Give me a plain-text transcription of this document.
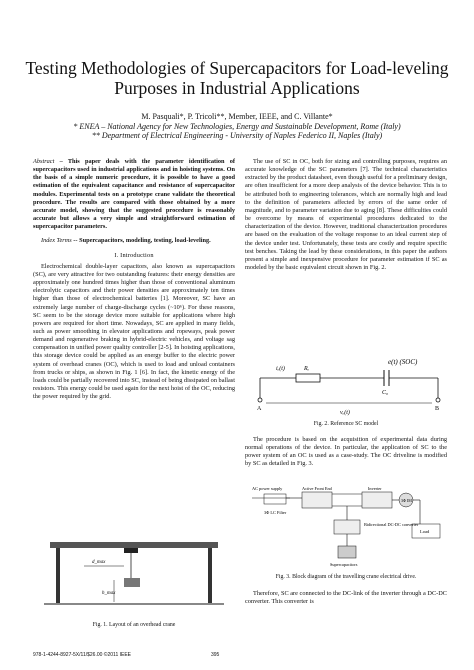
Testing Methodologies of Supercapacitors for Load-leveling Purposes in Industrial Applications
M. Pasquali*, P. Tricoli**, Member, IEEE, and C. Villante*
* ENEA – National Agency for New Technologies, Energy and Sustainable Development, Rome (Italy)
** Department of Electrical Engineering - University of Naples Federico II, Naples (Italy)

Abstract – This paper deals with the parameter identification of supercapacitors used in industrial applications and in hoisting systems. On the basis of a simple numeric procedure, it is possible to have a good estimation of the equivalent capacitance and resistance of supercapacitor modules. Experimental tests on a prototype crane validate the theoretical procedure. The results are compared with those obtained by a more accurate model, showing that the suggested procedure is reasonably accurate but allows a very simple and straightforward estimation of supercapacitor parameters.

Index Terms -- Supercapacitors, modeling, testing, load-leveling.

I. Introduction

Electrochemical double-layer capacitors, also known as supercapacitors (SC), are very attractive for two outstanding features: their energy densities are approximately one hundred times higher than those of conventional aluminum electrolytic capacitors and their power densities are approximately ten times higher than those of electrochemical batteries [1]. Moreover, SC have an extremely large number of charge-discharge cycles (~10⁶). For these reasons, SC seem to be the storage device more suitable for applications where high powers are required for short time. Nowadays, SC are applied in many fields, such as power smoothing in elevator applications and ropeways, peak power demand and regenerative braking in hybrid-electric vehicles, and voltage sag compensation in unified power quality controller [2-5]. In hoisting applications, this storage device could be applied as an energy buffer to the electric power system of overhead cranes (OC), which is used to load and unload containers from trucks or ships, as shown in Fig. 1 [6]. In fact, the kinetic energy of the loads could be partially recovered into SC, instead of being dissipated on ballast resistors. This energy could be used again for the next hoist of the OC, reducing the power required by the grid.

d_max
h_max
Fig. 1. Layout of an overhead crane

The use of SC in OC, both for sizing and controlling purposes, requires an accurate knowledge of the SC parameters [7]. The technical characteristics extracted by the product datasheet, even though useful for a preliminary design, are often insufficient for a more deep analysis of the device behavior. This is to be attributed both to engineering tolerances, which are normally high and lead to the definition of parameters affected by errors of the same order of magnitude, and to parameter variation due to aging [8]. These difficulties could be overcome by means of experimental procedures dedicated to the characterization of the device. However, traditional characterization procedures are based on the evaluation of the voltage response to an ideal current step of the device under test. Unfortunately, these tests are costly and require specific test benches. Taking the lead by these considerations, in this paper the authors present a simple and inexpensive procedure for parameter estimation if SC as modeled by the basic equivalent circuit shown in Fig. 2.

e(t) (SOC)
iₑ(t)	Rₑ
C₀
A	B
vₑ(t)
Fig. 2. Reference SC model

The procedure is based on the acquisition of experimental data during normal operations of the device. In particular, the application of SC to the power system of an OC is used as a case-study. The OC driveline is modified by SC as detailed in Fig. 3.

AC power supply
3Φ LC Filter
Active Front End	Inverter
3Φ IM
Load
Bidirectional DC-DC converter
Supercapacitors
Fig. 3. Block diagram of the travelling crane electrical drive.

Therefore, SC are connected to the DC-link of the inverter through a DC-DC converter. This converter is

978-1-4244-8927-5X/11/$26.00 ©2011 IEEE	395
